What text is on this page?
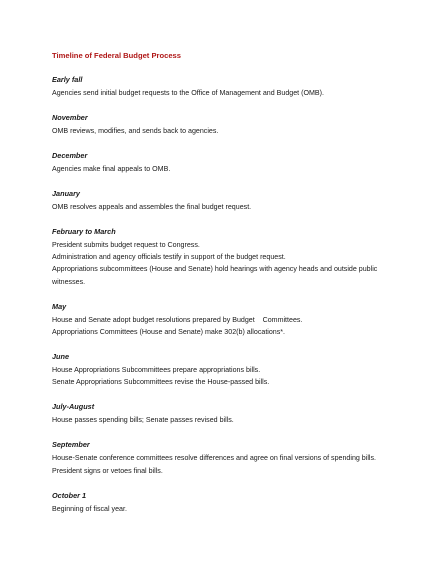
Timeline of Federal Budget Process
Early fall
Agencies send initial budget requests to the Office of Management and Budget (OMB).
November
OMB reviews, modifies, and sends back to agencies.
December
Agencies make final appeals to OMB.
January
OMB resolves appeals and assembles the final budget request.
February to March
President submits budget request to Congress.
Administration and agency officials testify in support of the budget request.
Appropriations subcommittees (House and Senate) hold hearings with agency heads and outside public
witnesses.
May
House and Senate adopt budget resolutions prepared by Budget    Committees.
Appropriations Committees (House and Senate) make 302(b) allocations*.
June
House Appropriations Subcommittees prepare appropriations bills.
Senate Appropriations Subcommittees revise the House-passed bills.
July-August
House passes spending bills; Senate passes revised bills.
September
House-Senate conference committees resolve differences and agree on final versions of spending bills.
President signs or vetoes final bills.
October 1
Beginning of fiscal year.
